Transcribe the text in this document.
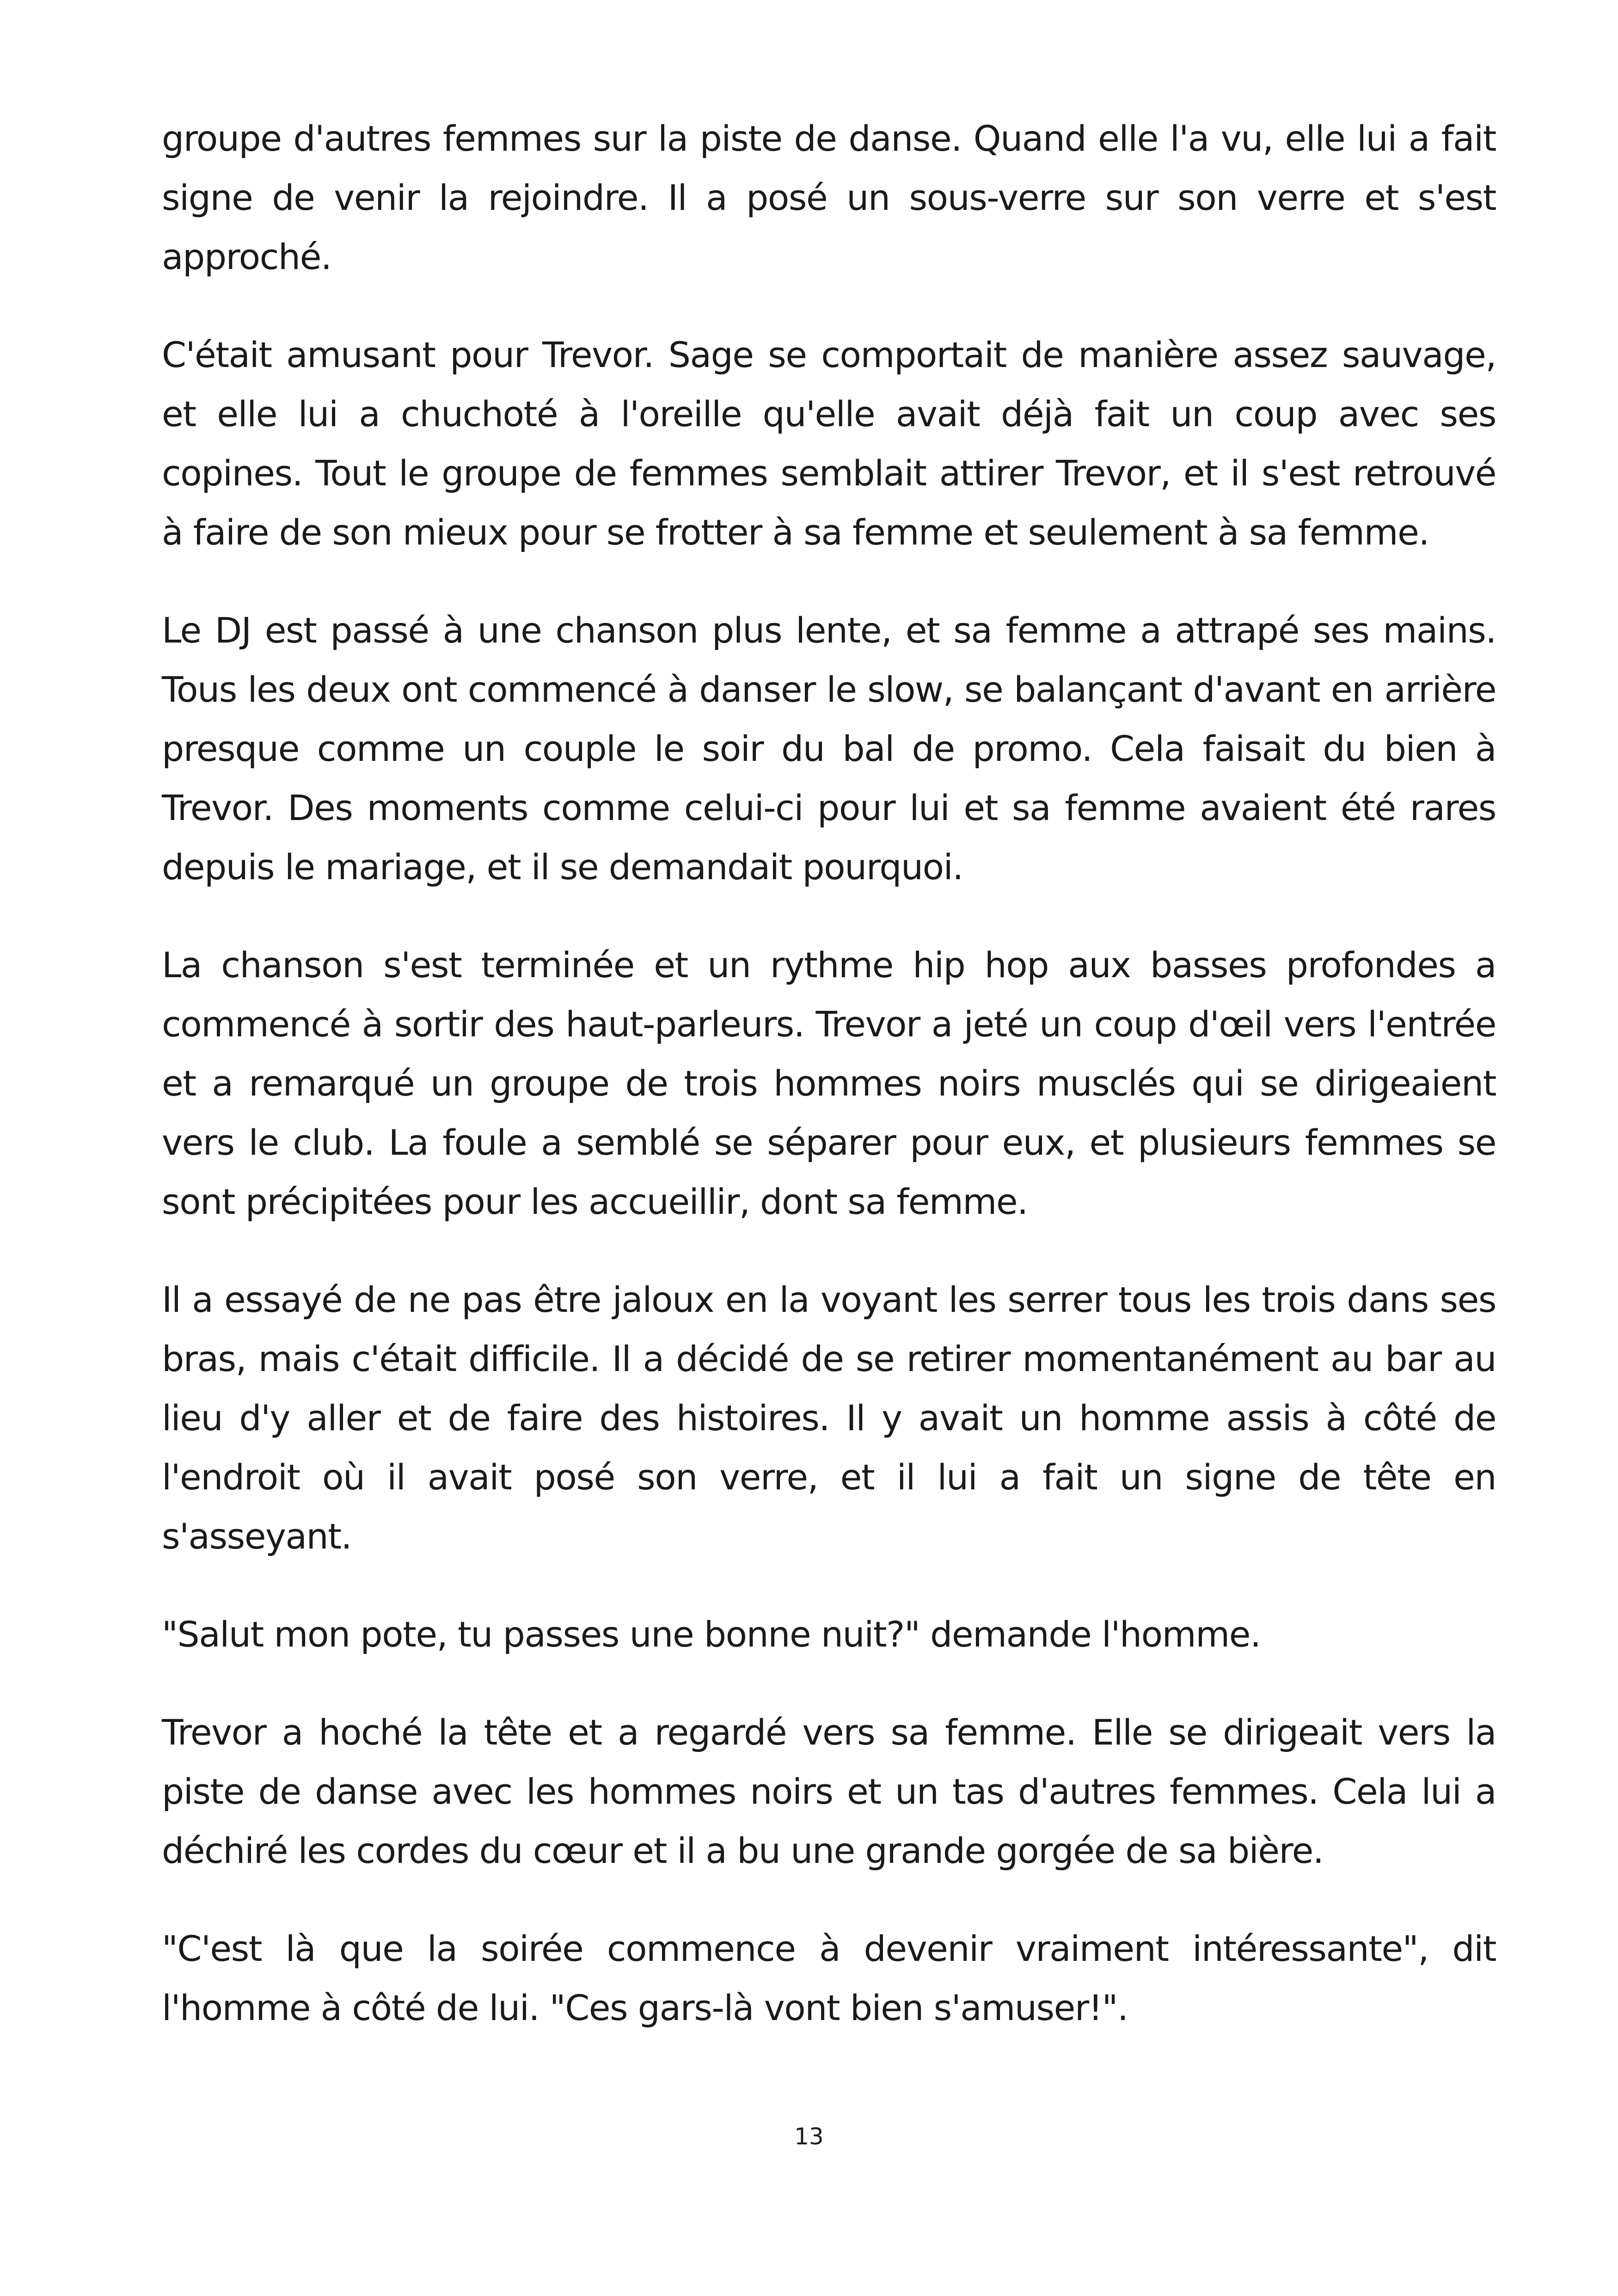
groupe d'autres femmes sur la piste de danse. Quand elle l'a vu, elle lui a fait signe de venir la rejoindre. Il a posé un sous-verre sur son verre et s'est approché.

C'était amusant pour Trevor. Sage se comportait de manière assez sauvage, et elle lui a chuchoté à l'oreille qu'elle avait déjà fait un coup avec ses copines. Tout le groupe de femmes semblait attirer Trevor, et il s'est retrouvé à faire de son mieux pour se frotter à sa femme et seulement à sa femme.

Le DJ est passé à une chanson plus lente, et sa femme a attrapé ses mains. Tous les deux ont commencé à danser le slow, se balançant d'avant en arrière presque comme un couple le soir du bal de promo. Cela faisait du bien à Trevor. Des moments comme celui-ci pour lui et sa femme avaient été rares depuis le mariage, et il se demandait pourquoi.

La chanson s'est terminée et un rythme hip hop aux basses profondes a commencé à sortir des haut-parleurs. Trevor a jeté un coup d'œil vers l'entrée et a remarqué un groupe de trois hommes noirs musclés qui se dirigeaient vers le club. La foule a semblé se séparer pour eux, et plusieurs femmes se sont précipitées pour les accueillir, dont sa femme.

Il a essayé de ne pas être jaloux en la voyant les serrer tous les trois dans ses bras, mais c'était difficile. Il a décidé de se retirer momentanément au bar au lieu d'y aller et de faire des histoires. Il y avait un homme assis à côté de l'endroit où il avait posé son verre, et il lui a fait un signe de tête en s'asseyant.

"Salut mon pote, tu passes une bonne nuit?" demande l'homme.

Trevor a hoché la tête et a regardé vers sa femme. Elle se dirigeait vers la piste de danse avec les hommes noirs et un tas d'autres femmes. Cela lui a déchiré les cordes du cœur et il a bu une grande gorgée de sa bière.

"C'est là que la soirée commence à devenir vraiment intéressante", dit l'homme à côté de lui. "Ces gars-là vont bien s'amuser!".

13
